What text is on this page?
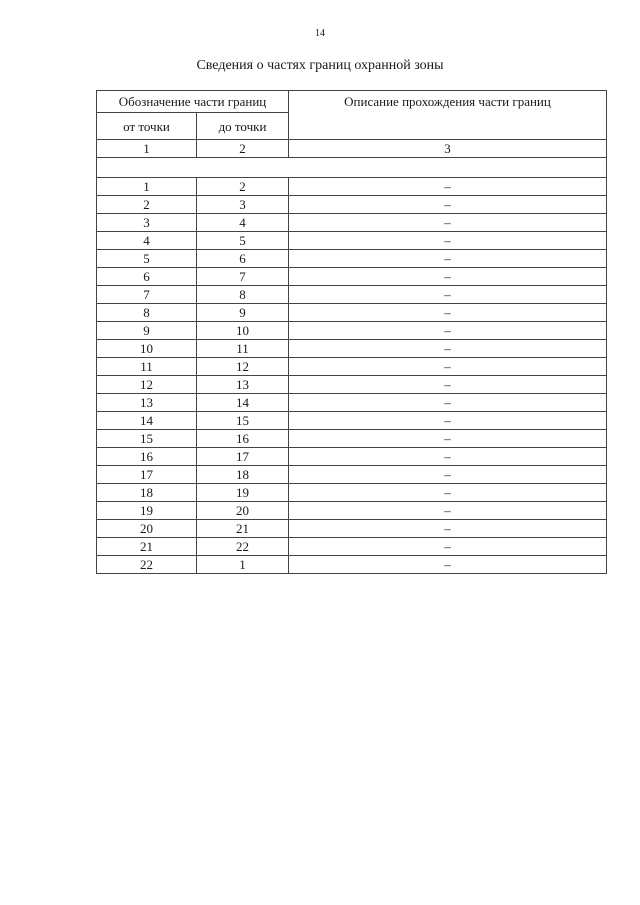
14
Сведения о частях границ охранной зоны
Обозначение части границ		Описание прохождения части границ
от точки	до точки	
1	2	3

1	2	–
2	3	–
3	4	–
4	5	–
5	6	–
6	7	–
7	8	–
8	9	–
9	10	–
10	11	–
11	12	–
12	13	–
13	14	–
14	15	–
15	16	–
16	17	–
17	18	–
18	19	–
19	20	–
20	21	–
21	22	–
22	1	–
